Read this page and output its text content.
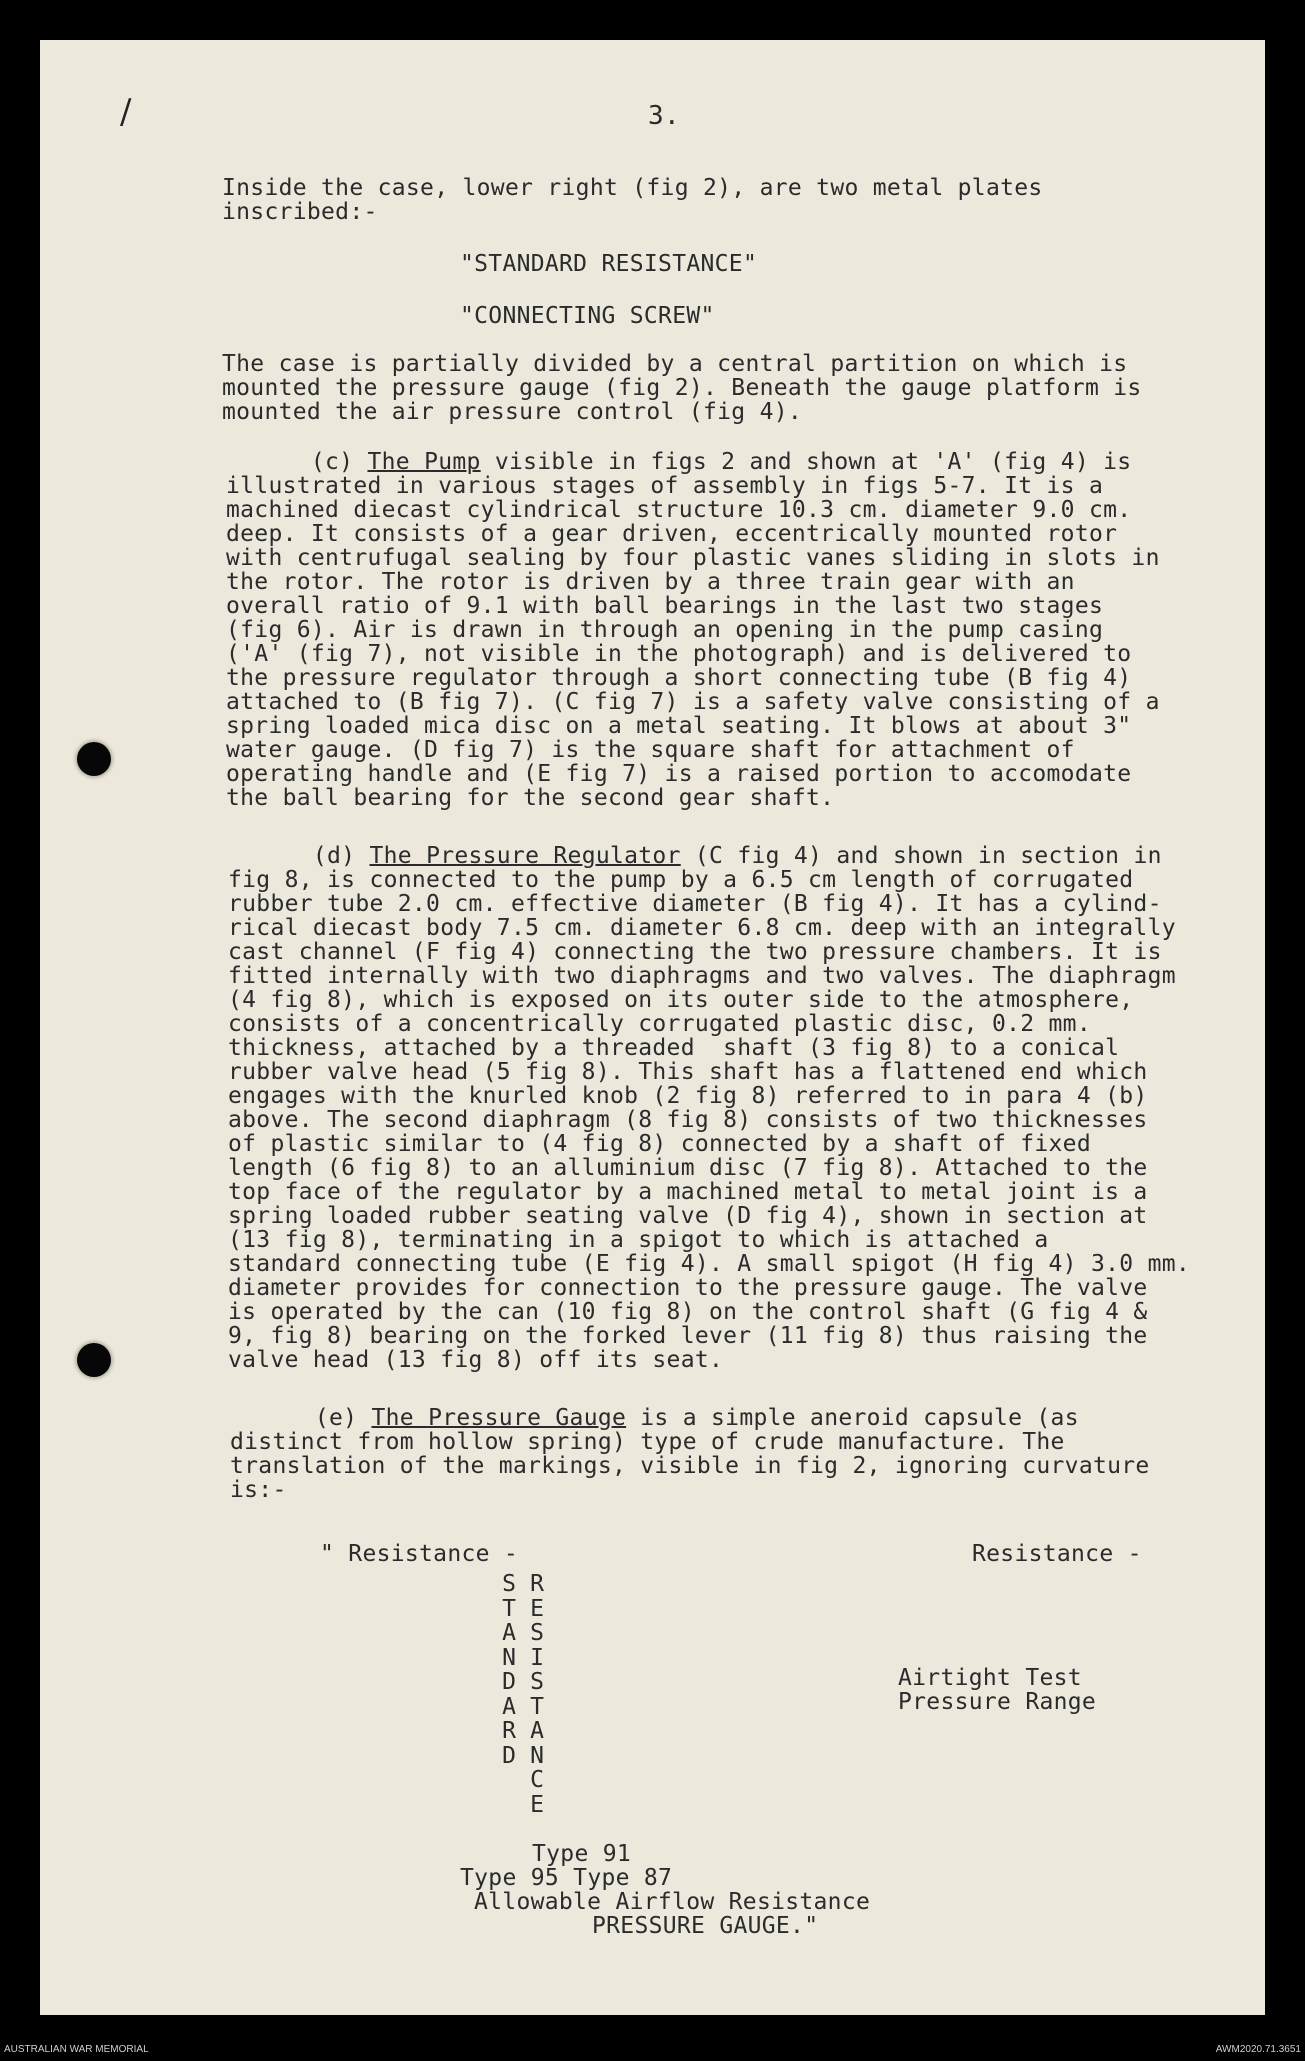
/	3.
Inside the case, lower right (fig 2), are two metal plates
inscribed:-
"STANDARD RESISTANCE"
"CONNECTING SCREW"
The case is partially divided by a central partition on which is
mounted the pressure gauge (fig 2). Beneath the gauge platform is
mounted the air pressure control (fig 4).
(c) The Pump visible in figs 2 and shown at 'A' (fig 4) is
illustrated in various stages of assembly in figs 5-7. It is a
machined diecast cylindrical structure 10.3 cm. diameter 9.0 cm.
deep. It consists of a gear driven, eccentrically mounted rotor
with centrufugal sealing by four plastic vanes sliding in slots in
the rotor. The rotor is driven by a three train gear with an
overall ratio of 9.1 with ball bearings in the last two stages
(fig 6). Air is drawn in through an opening in the pump casing
('A' (fig 7), not visible in the photograph) and is delivered to
the pressure regulator through a short connecting tube (B fig 4)
attached to (B fig 7). (C fig 7) is a safety valve consisting of a
spring loaded mica disc on a metal seating. It blows at about 3"
water gauge. (D fig 7) is the square shaft for attachment of
operating handle and (E fig 7) is a raised portion to accomodate
the ball bearing for the second gear shaft.
(d) The Pressure Regulator (C fig 4) and shown in section in
fig 8, is connected to the pump by a 6.5 cm length of corrugated
rubber tube 2.0 cm. effective diameter (B fig 4). It has a cylind-
rical diecast body 7.5 cm. diameter 6.8 cm. deep with an integrally
cast channel (F fig 4) connecting the two pressure chambers. It is
fitted internally with two diaphragms and two valves. The diaphragm
(4 fig 8), which is exposed on its outer side to the atmosphere,
consists of a concentrically corrugated plastic disc, 0.2 mm.
thickness, attached by a threaded  shaft (3 fig 8) to a conical
rubber valve head (5 fig 8). This shaft has a flattened end which
engages with the knurled knob (2 fig 8) referred to in para 4 (b)
above. The second diaphragm (8 fig 8) consists of two thicknesses
of plastic similar to (4 fig 8) connected by a shaft of fixed
length (6 fig 8) to an alluminium disc (7 fig 8). Attached to the
top face of the regulator by a machined metal to metal joint is a
spring loaded rubber seating valve (D fig 4), shown in section at
(13 fig 8), terminating in a spigot to which is attached a
standard connecting tube (E fig 4). A small spigot (H fig 4) 3.0 mm.
diameter provides for connection to the pressure gauge. The valve
is operated by the can (10 fig 8) on the control shaft (G fig 4 &
9, fig 8) bearing on the forked lever (11 fig 8) thus raising the
valve head (13 fig 8) off its seat.
(e) The Pressure Gauge is a simple aneroid capsule (as
distinct from hollow spring) type of crude manufacture. The
translation of the markings, visible in fig 2, ignoring curvature
is:-
" Resistance -	Resistance -
S
T
A
N
D
A
R
D
R
E
S
I
S
T
A
N
C
E
Airtight Test
Pressure Range
Type 91
Type 95 Type 87
Allowable Airflow Resistance
PRESSURE GAUGE."
AUSTRALIAN WAR MEMORIAL	AWM2020.71.3651
